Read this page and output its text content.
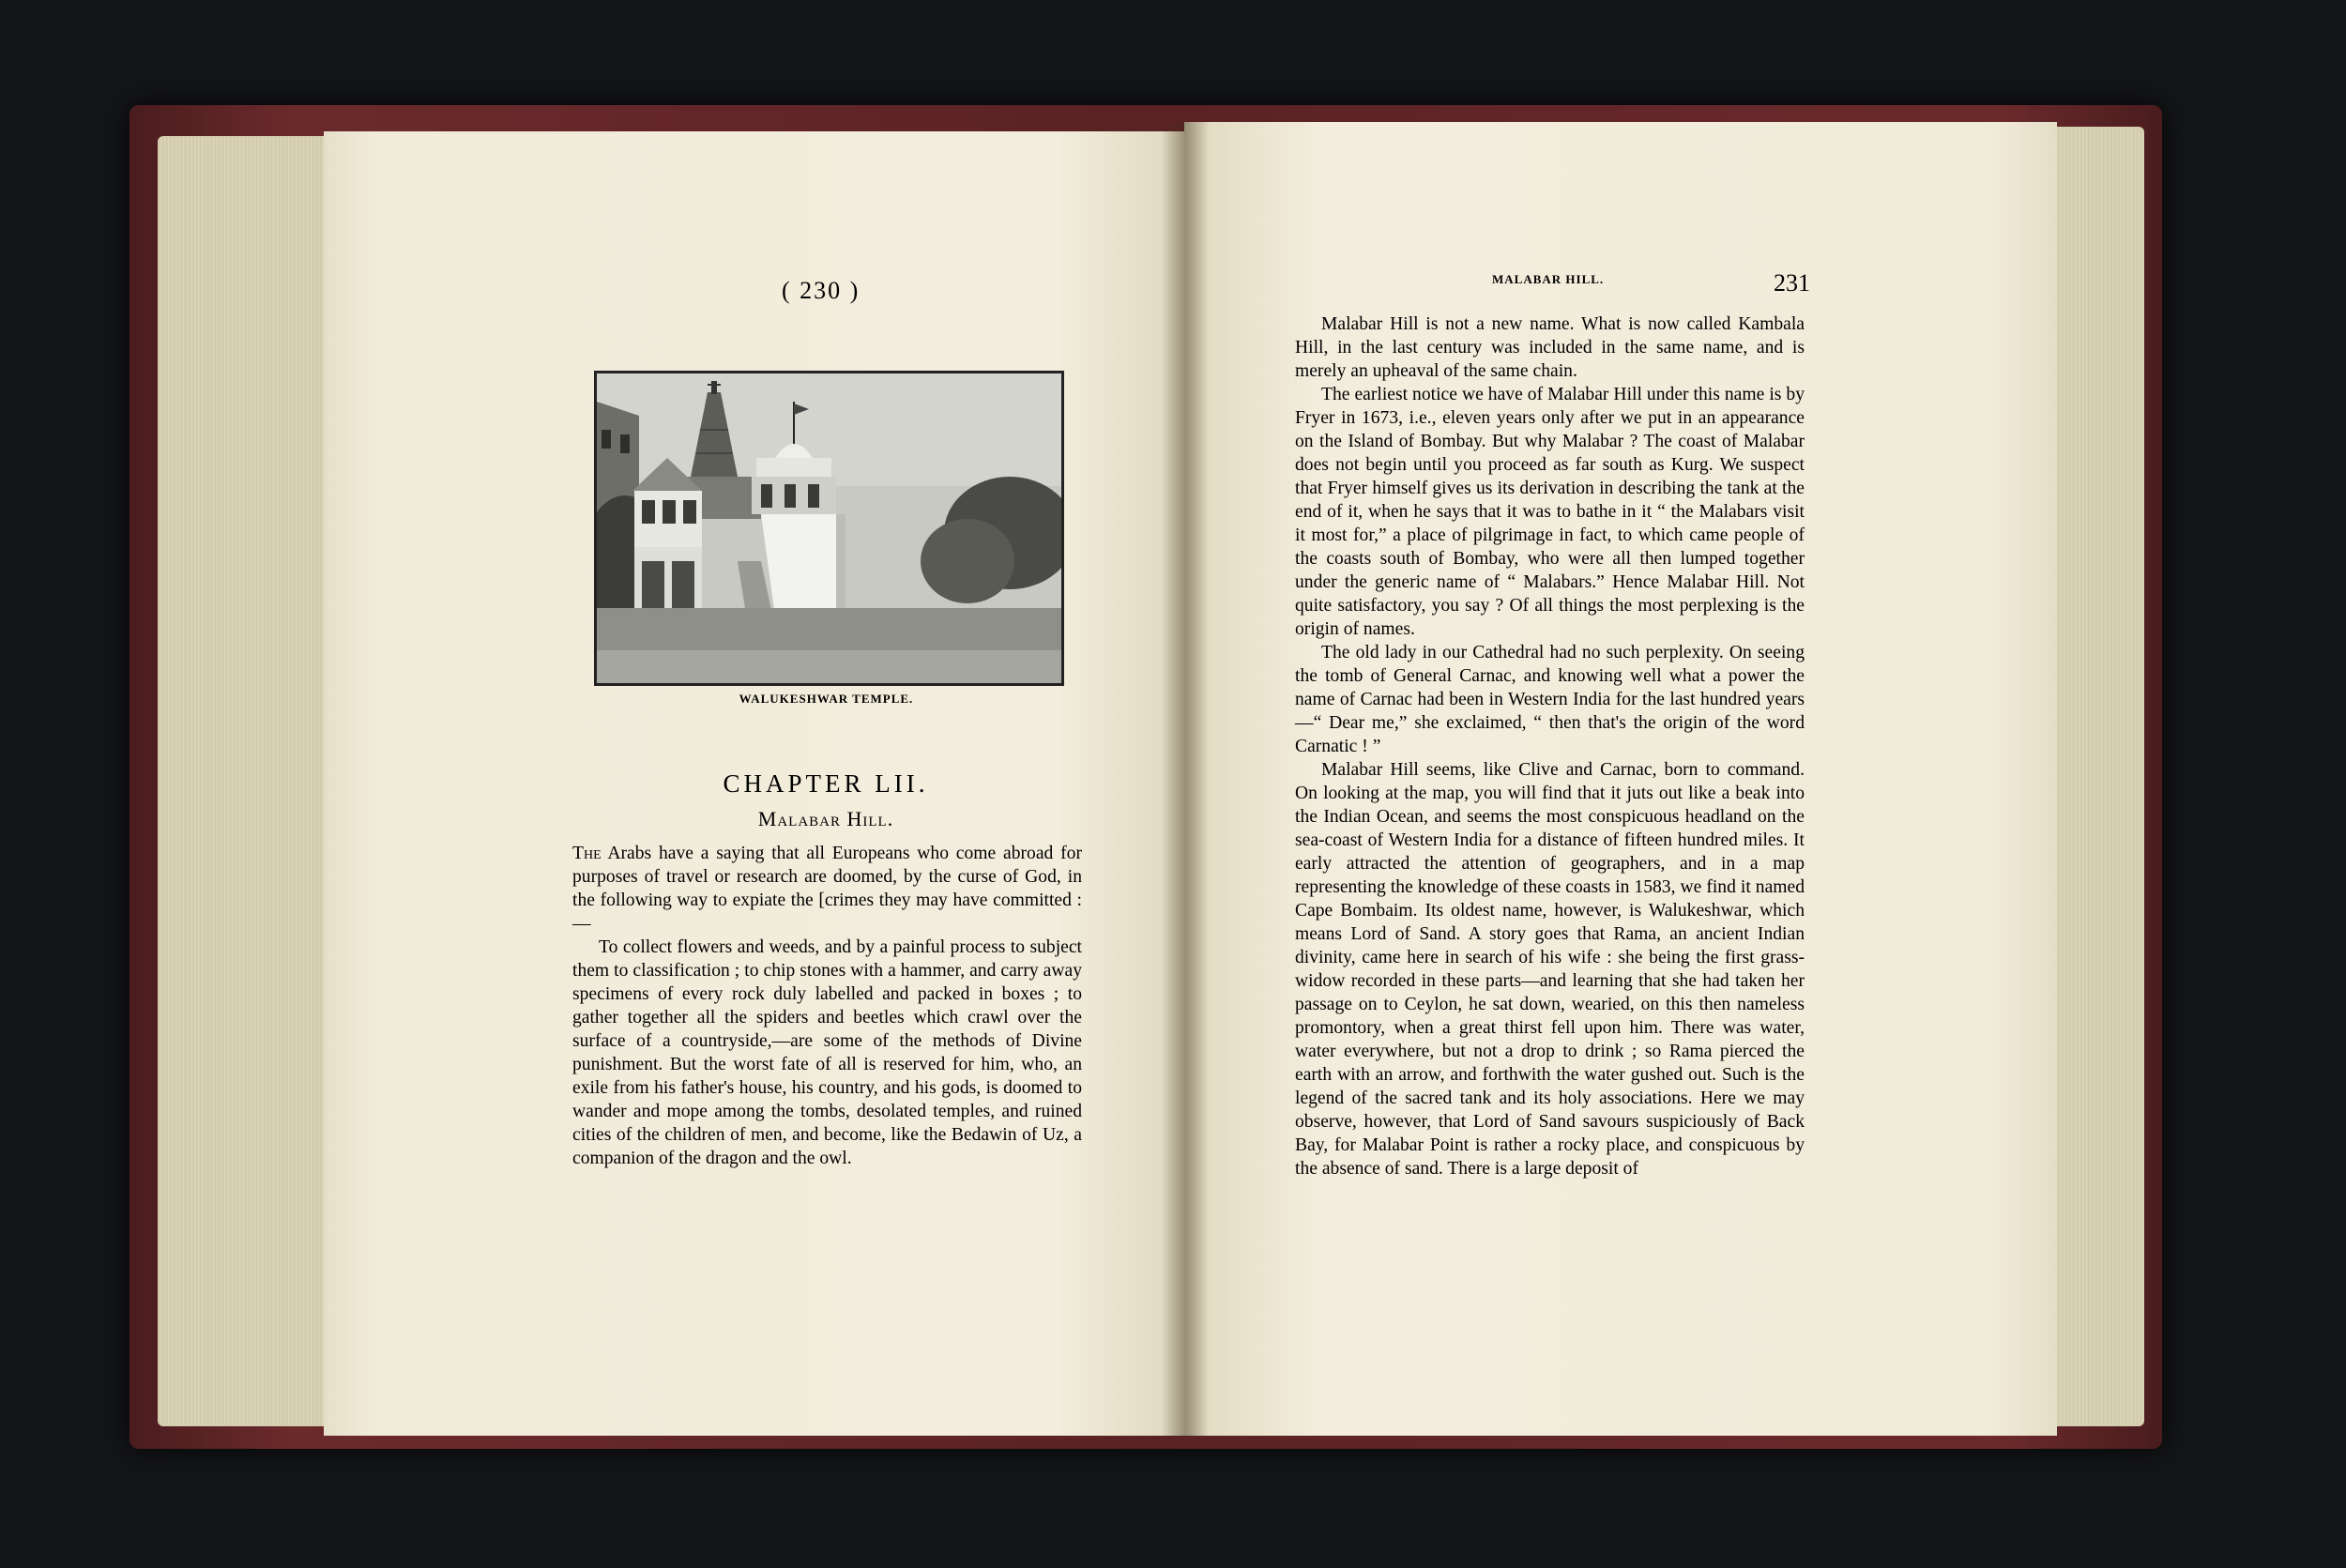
( 230 )
WALUKESHWAR TEMPLE.
CHAPTER LII.
Malabar Hill.

The Arabs have a saying that all Europeans who come abroad for purposes of travel or research are doomed, by the curse of God, in the following way to expiate the [crimes they may have committed :—

To collect flowers and weeds, and by a painful process to subject them to classification ; to chip stones with a hammer, and carry away specimens of every rock duly labelled and packed in boxes ; to gather together all the spiders and beetles which crawl over the surface of a countryside,—are some of the methods of Divine punishment. But the worst fate of all is reserved for him, who, an exile from his father's house, his country, and his gods, is doomed to wander and mope among the tombs, desolated temples, and ruined cities of the children of men, and become, like the Bedawin of Uz, a companion of the dragon and the owl.

MALABAR HILL.	231

Malabar Hill is not a new name. What is now called Kambala Hill, in the last century was included in the same name, and is merely an upheaval of the same chain.

The earliest notice we have of Malabar Hill under this name is by Fryer in 1673, i.e., eleven years only after we put in an appearance on the Island of Bombay. But why Malabar ? The coast of Malabar does not begin until you proceed as far south as Kurg. We suspect that Fryer himself gives us its derivation in describing the tank at the end of it, when he says that it was to bathe in it “ the Malabars visit it most for,” a place of pilgrimage in fact, to which came people of the coasts south of Bombay, who were all then lumped together under the generic name of “ Malabars.” Hence Malabar Hill. Not quite satisfactory, you say ? Of all things the most perplexing is the origin of names.

The old lady in our Cathedral had no such perplexity. On seeing the tomb of General Carnac, and knowing well what a power the name of Carnac had been in Western India for the last hundred years—“ Dear me,” she exclaimed, “ then that's the origin of the word Carnatic ! ”

Malabar Hill seems, like Clive and Carnac, born to command. On looking at the map, you will find that it juts out like a beak into the Indian Ocean, and seems the most conspicuous headland on the sea-coast of Western India for a distance of fifteen hundred miles. It early attracted the attention of geographers, and in a map representing the knowledge of these coasts in 1583, we find it named Cape Bombaim. Its oldest name, however, is Walukeshwar, which means Lord of Sand. A story goes that Rama, an ancient Indian divinity, came here in search of his wife : she being the first grass-widow recorded in these parts—and learning that she had taken her passage on to Ceylon, he sat down, wearied, on this then nameless promontory, when a great thirst fell upon him. There was water, water everywhere, but not a drop to drink ; so Rama pierced the earth with an arrow, and forthwith the water gushed out. Such is the legend of the sacred tank and its holy associations. Here we may observe, however, that Lord of Sand savours suspiciously of Back Bay, for Malabar Point is rather a rocky place, and conspicuous by the absence of sand. There is a large deposit of
